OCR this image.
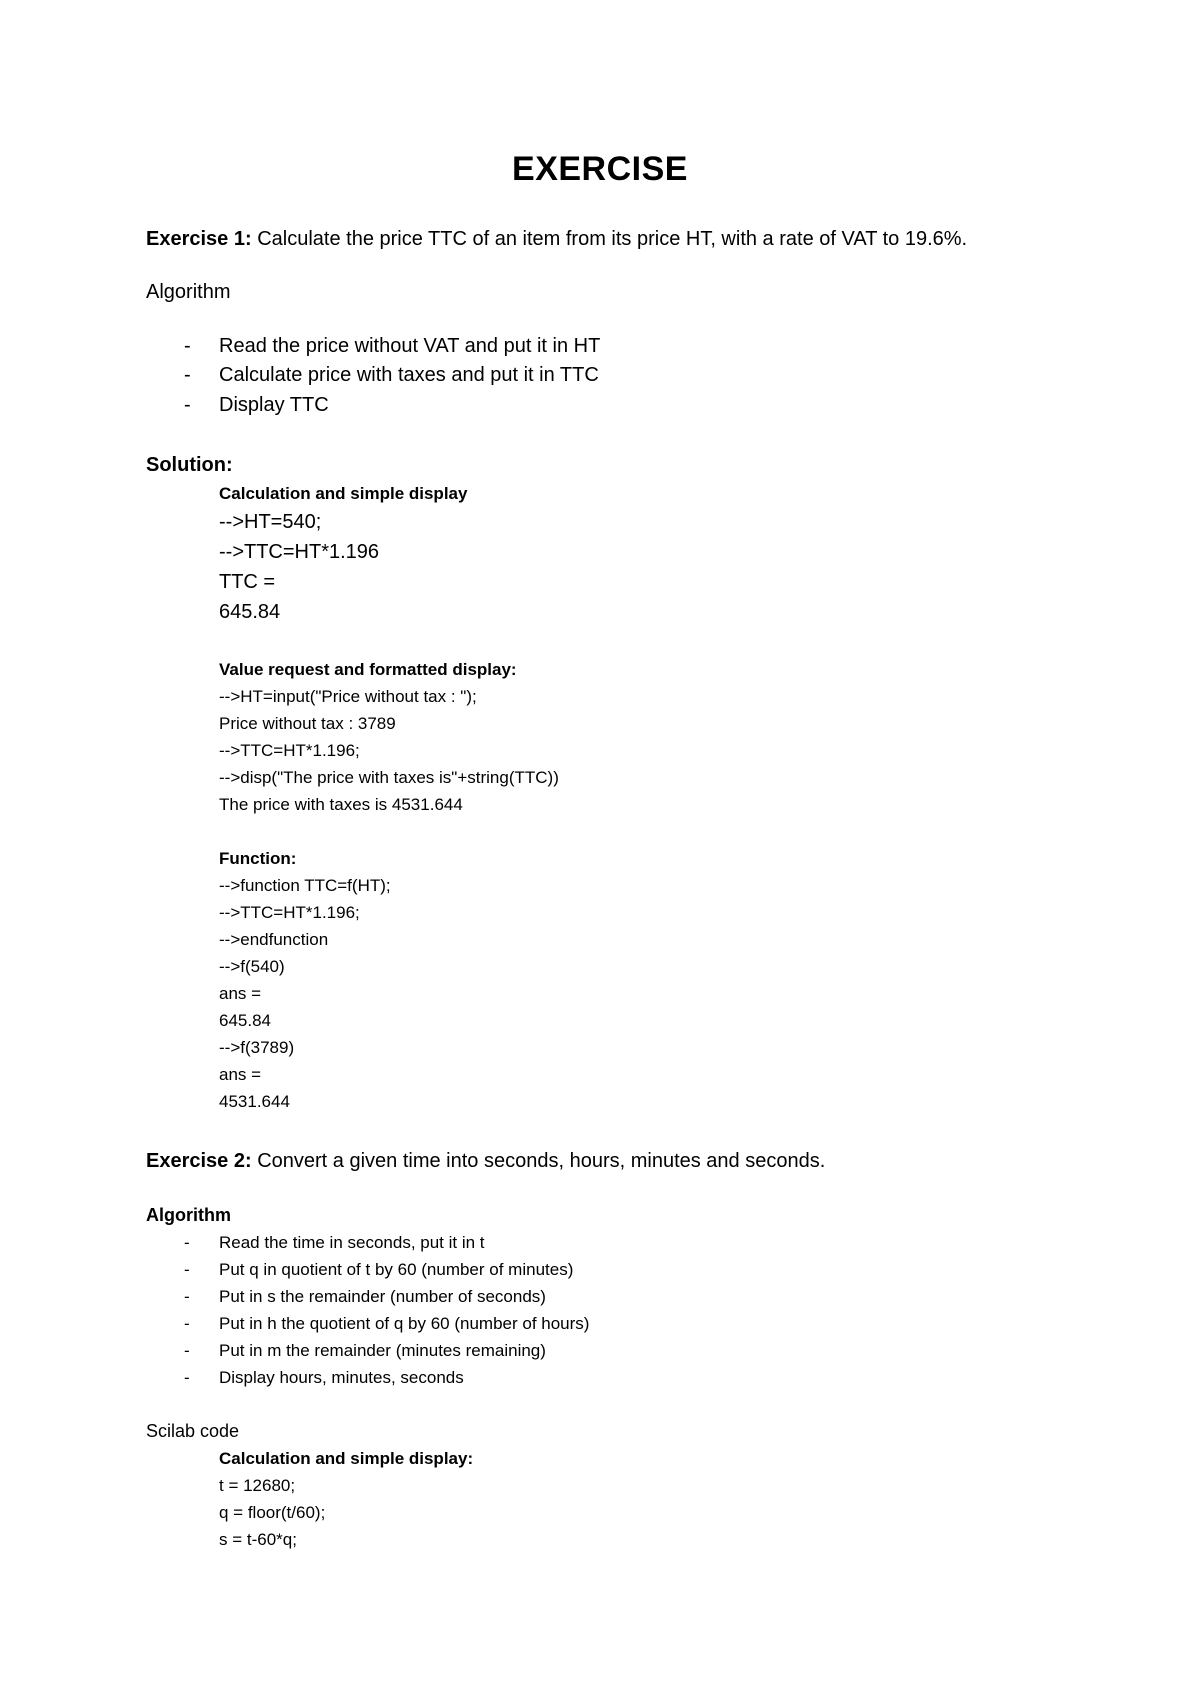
EXERCISE
Exercise 1: Calculate the price TTC of an item from its price HT, with a rate of VAT to 19.6%.
Algorithm
- Read the price without VAT and put it in HT
- Calculate price with taxes and put it in TTC
- Display TTC
Solution:
Calculation and simple display
-->HT=540;
-->TTC=HT*1.196
TTC =
645.84
Value request and formatted display:
-->HT=input("Price without tax : ");
Price without tax : 3789
-->TTC=HT*1.196;
-->disp("The price with taxes is"+string(TTC))
The price with taxes is 4531.644
Function:
-->function TTC=f(HT);
-->TTC=HT*1.196;
-->endfunction
-->f(540)
ans =
645.84
-->f(3789)
ans =
4531.644
Exercise 2: Convert a given time into seconds, hours, minutes and seconds.
Algorithm
- Read the time in seconds, put it in t
- Put q in quotient of t by 60 (number of minutes)
- Put in s the remainder (number of seconds)
- Put in h the quotient of q by 60 (number of hours)
- Put in m the remainder (minutes remaining)
- Display hours, minutes, seconds
Scilab code
Calculation and simple display:
t = 12680;
q = floor(t/60);
s = t-60*q;
